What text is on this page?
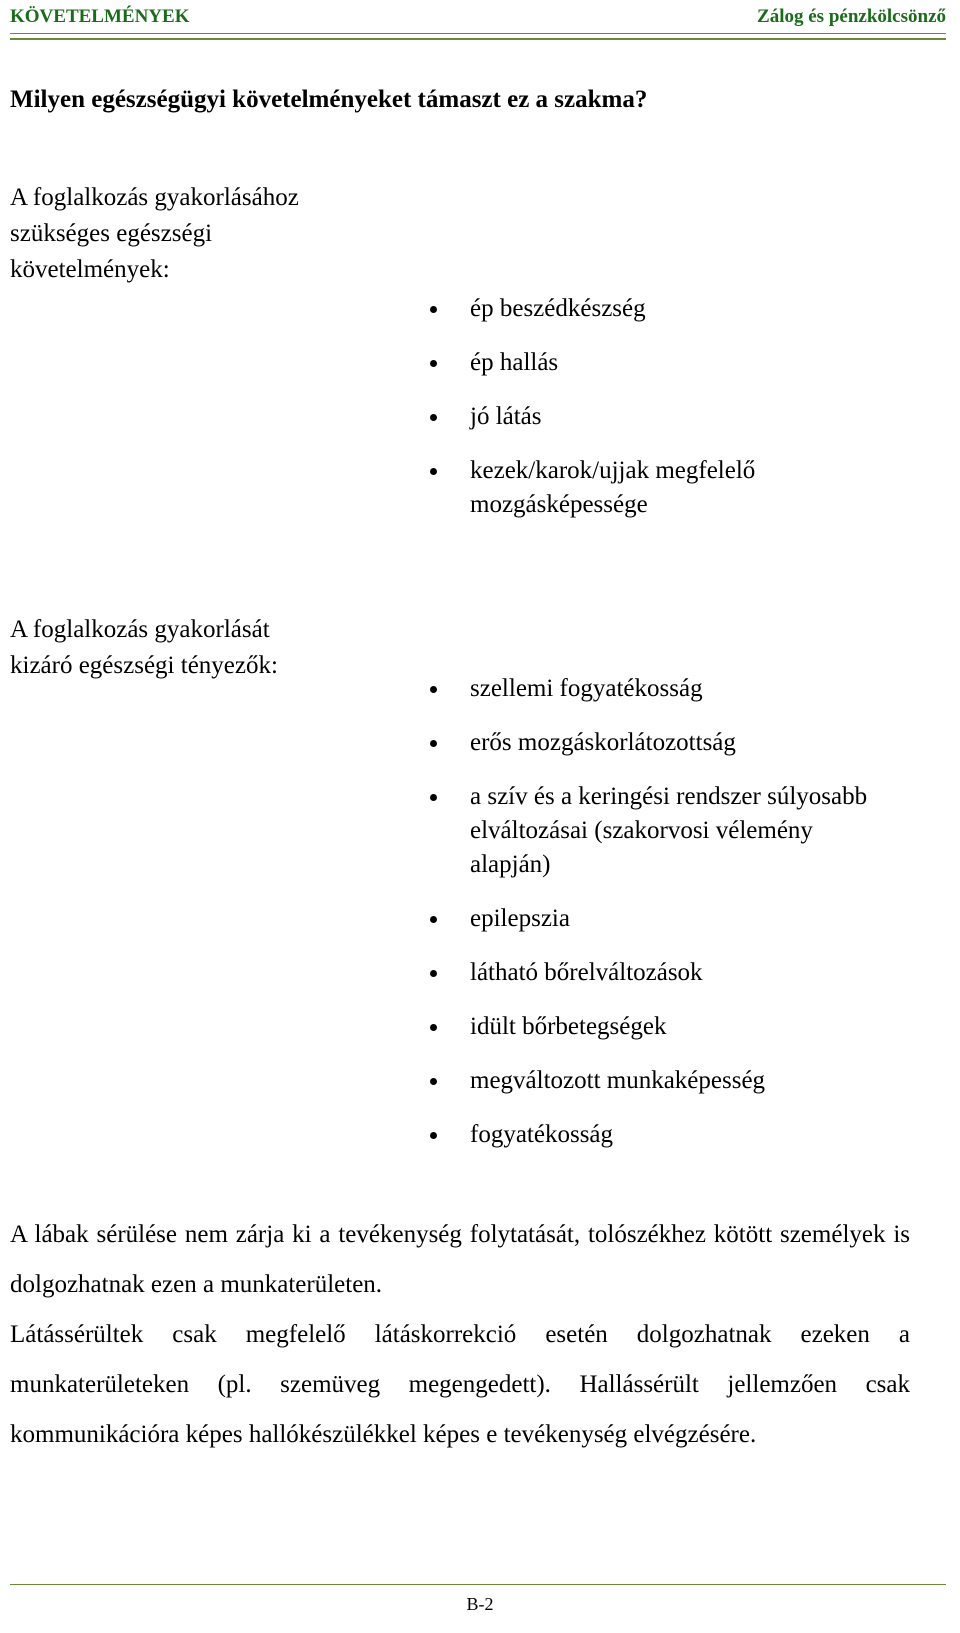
KÖVETELMÉNYEK	Zálog és pénzkölcsönző
Milyen egészségügyi követelményeket támaszt ez a szakma?
A foglalkozás gyakorlásához
szükséges egészségi
követelmények:
ép beszédkészség
ép hallás
jó látás
kezek/karok/ujjak megfelelő
mozgásképessége
A foglalkozás gyakorlását
kizáró egészségi tényezők:
szellemi fogyatékosság
erős mozgáskorlátozottság
a szív és a keringési rendszer súlyosabb
elváltozásai (szakorvosi vélemény
alapján)
epilepszia
látható bőrelváltozások
idült bőrbetegségek
megváltozott munkaképesség
fogyatékosság
A lábak sérülése nem zárja ki a tevékenység folytatását, tolószékhez kötött személyek is dolgozhatnak ezen a munkaterületen.
Látássérültek csak megfelelő látáskorrekció esetén dolgozhatnak ezeken a munkaterületeken (pl. szemüveg megengedett). Hallássérült jellemzően csak kommunikációra képes hallókészülékkel képes e tevékenység elvégzésére.
B-2
